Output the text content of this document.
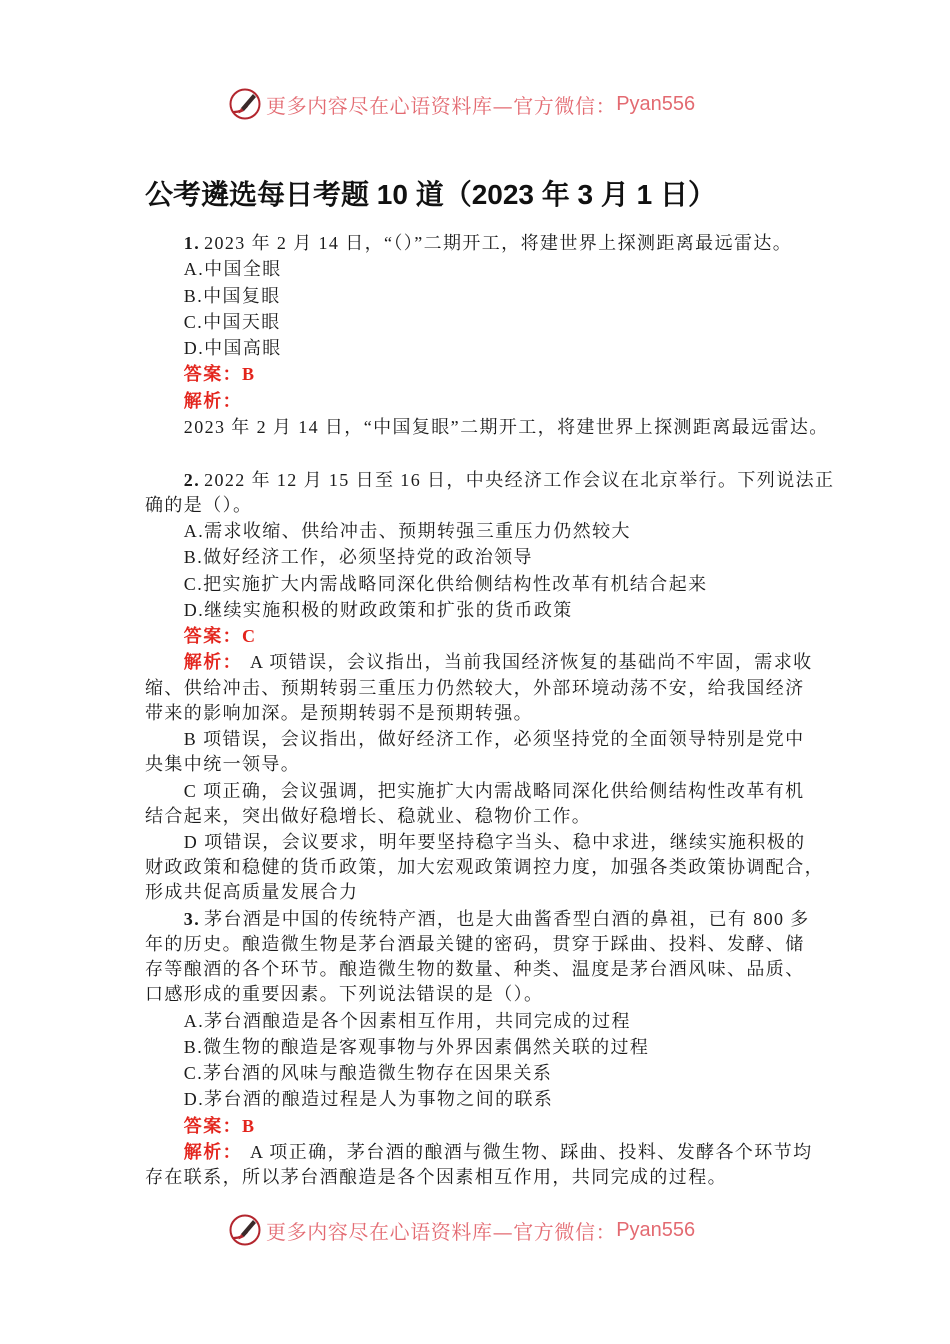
更多内容尽在心语资料库—官方微信： Pyan556
公考遴选每日考题 10 道（2023 年 3 月 1 日）
1. 2023 年 2 月 14 日，“（）”二期开工，将建世界上探测距离最远雷达。
A.中国全眼
B.中国复眼
C.中国天眼
D.中国高眼
答案：B
解析：
2023 年 2 月 14 日，“中国复眼”二期开工，将建世界上探测距离最远雷达。
2. 2022 年 12 月 15 日至 16 日，中央经济工作会议在北京举行。下列说法正
确的是（）。
A.需求收缩、供给冲击、预期转强三重压力仍然较大
B.做好经济工作，必须坚持党的政治领导
C.把实施扩大内需战略同深化供给侧结构性改革有机结合起来
D.继续实施积极的财政政策和扩张的货币政策
答案：C
解析： A 项错误，会议指出，当前我国经济恢复的基础尚不牢固，需求收
缩、供给冲击、预期转弱三重压力仍然较大，外部环境动荡不安，给我国经济
带来的影响加深。是预期转弱不是预期转强。
B 项错误，会议指出，做好经济工作，必须坚持党的全面领导特别是党中
央集中统一领导。
C 项正确，会议强调，把实施扩大内需战略同深化供给侧结构性改革有机
结合起来，突出做好稳增长、稳就业、稳物价工作。
D 项错误，会议要求，明年要坚持稳字当头、稳中求进，继续实施积极的
财政政策和稳健的货币政策，加大宏观政策调控力度，加强各类政策协调配合，
形成共促高质量发展合力
3. 茅台酒是中国的传统特产酒，也是大曲酱香型白酒的鼻祖，已有 800 多
年的历史。酿造微生物是茅台酒最关键的密码，贯穿于踩曲、投料、发酵、储
存等酿酒的各个环节。酿造微生物的数量、种类、温度是茅台酒风味、品质、
口感形成的重要因素。下列说法错误的是（）。
A.茅台酒酿造是各个因素相互作用，共同完成的过程
B.微生物的酿造是客观事物与外界因素偶然关联的过程
C.茅台酒的风味与酿造微生物存在因果关系
D.茅台酒的酿造过程是人为事物之间的联系
答案：B
解析： A 项正确，茅台酒的酿酒与微生物、踩曲、投料、发酵各个环节均
存在联系，所以茅台酒酿造是各个因素相互作用，共同完成的过程。
更多内容尽在心语资料库—官方微信： Pyan556
